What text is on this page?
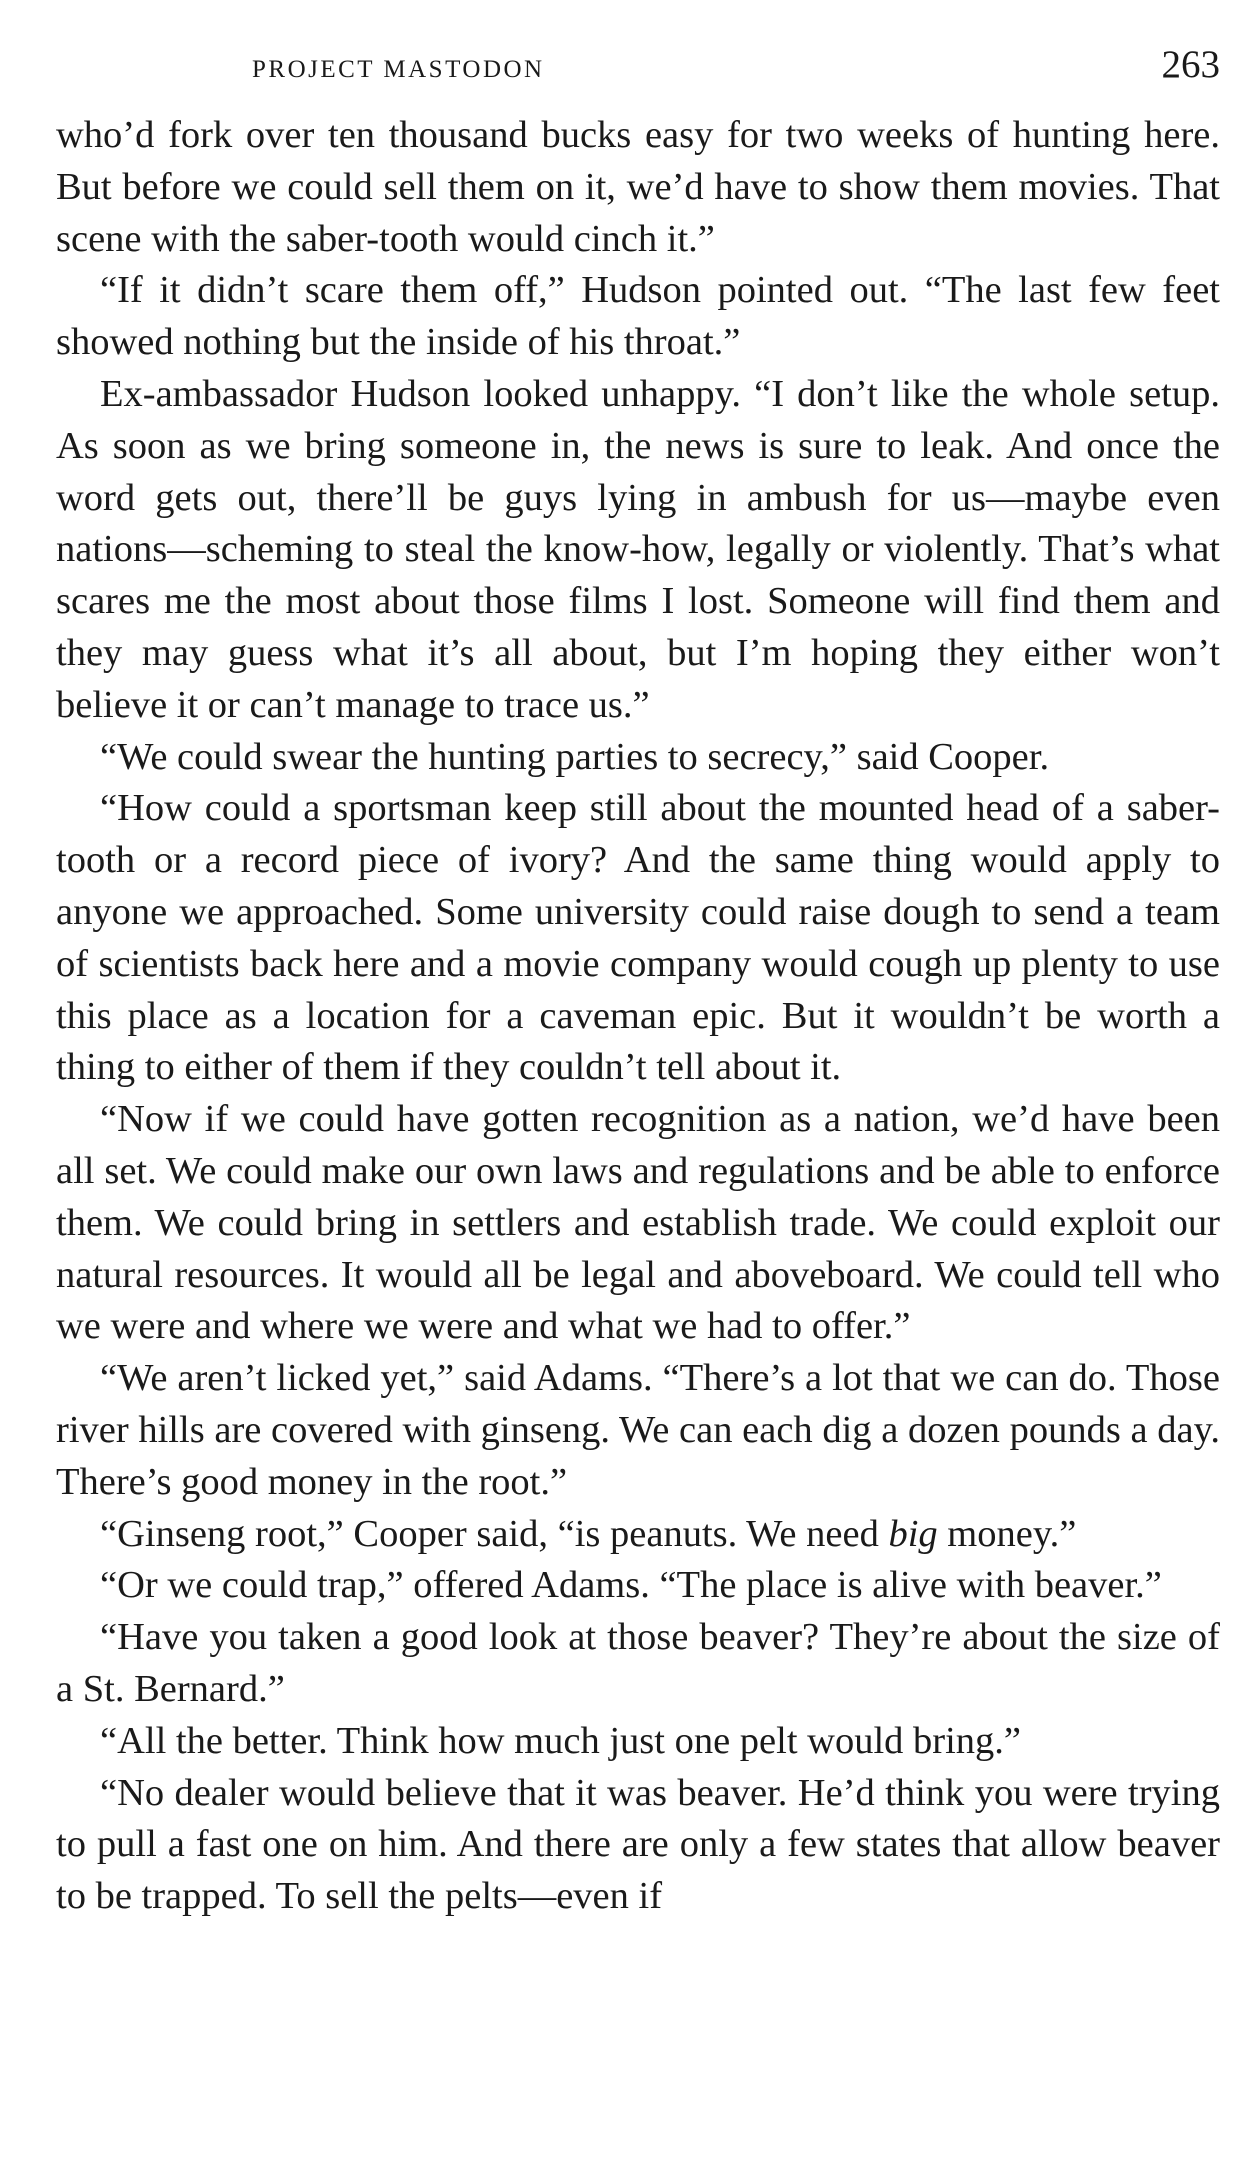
PROJECT MASTODON	263

who’d fork over ten thousand bucks easy for two weeks of hunting here. But before we could sell them on it, we’d have to show them movies. That scene with the saber-tooth would cinch it.”

“If it didn’t scare them off,” Hudson pointed out. “The last few feet showed nothing but the inside of his throat.”

Ex-ambassador Hudson looked unhappy. “I don’t like the whole setup. As soon as we bring someone in, the news is sure to leak. And once the word gets out, there’ll be guys lying in ambush for us—maybe even nations—scheming to steal the know-how, legally or violently. That’s what scares me the most about those films I lost. Someone will find them and they may guess what it’s all about, but I’m hoping they either won’t believe it or can’t manage to trace us.”

“We could swear the hunting parties to secrecy,” said Cooper.

“How could a sportsman keep still about the mounted head of a saber-tooth or a record piece of ivory? And the same thing would apply to anyone we approached. Some university could raise dough to send a team of scientists back here and a movie company would cough up plenty to use this place as a location for a caveman epic. But it wouldn’t be worth a thing to either of them if they couldn’t tell about it.

“Now if we could have gotten recognition as a nation, we’d have been all set. We could make our own laws and regulations and be able to enforce them. We could bring in settlers and establish trade. We could exploit our natural resources. It would all be legal and aboveboard. We could tell who we were and where we were and what we had to offer.”

“We aren’t licked yet,” said Adams. “There’s a lot that we can do. Those river hills are covered with ginseng. We can each dig a dozen pounds a day. There’s good money in the root.”

“Ginseng root,” Cooper said, “is peanuts. We need big money.”

“Or we could trap,” offered Adams. “The place is alive with beaver.”

“Have you taken a good look at those beaver? They’re about the size of a St. Bernard.”

“All the better. Think how much just one pelt would bring.”

“No dealer would believe that it was beaver. He’d think you were trying to pull a fast one on him. And there are only a few states that allow beaver to be trapped. To sell the pelts—even if
